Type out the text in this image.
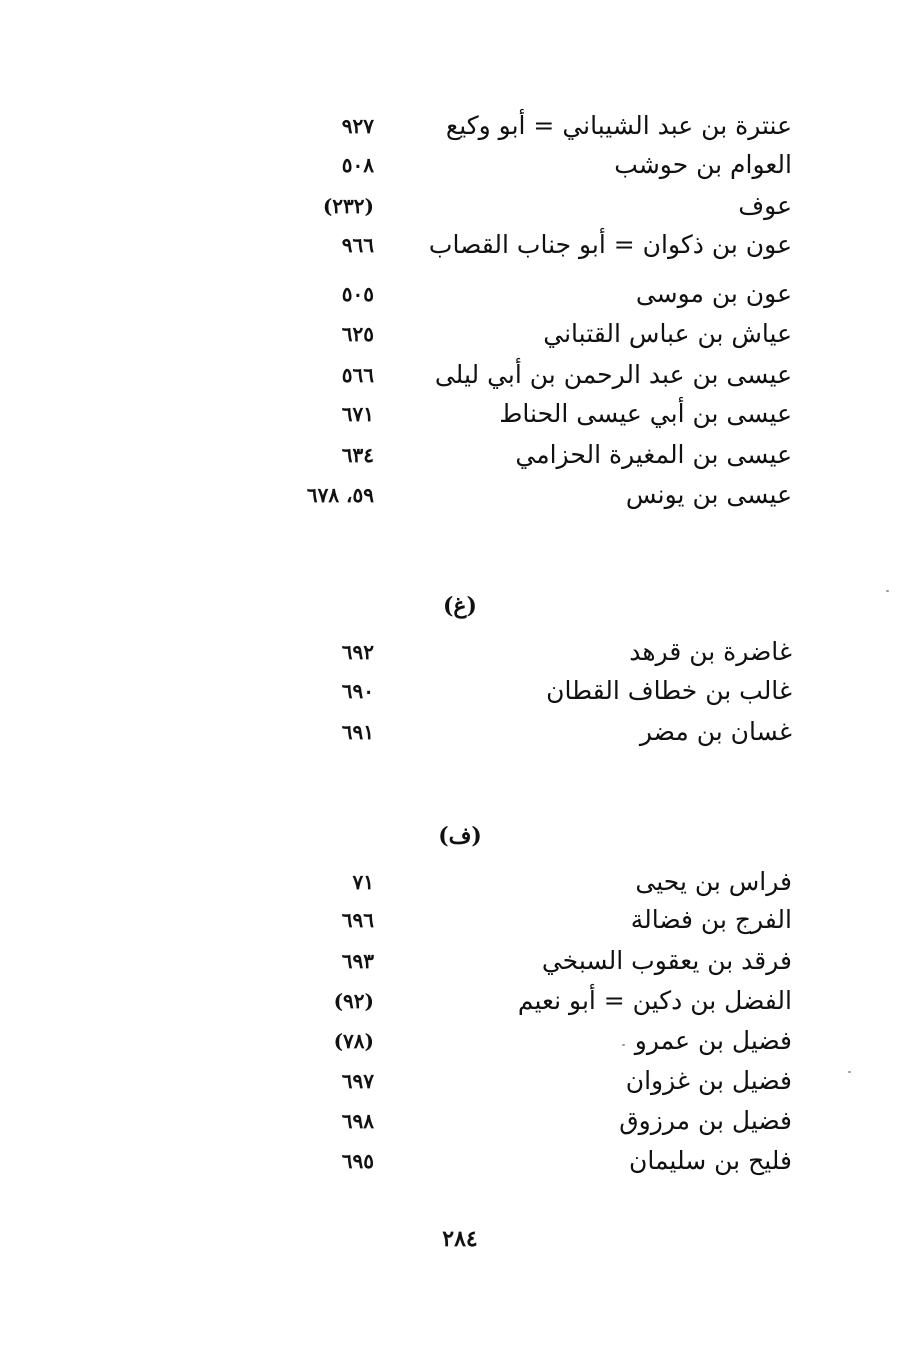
عنترة بن عبد الشيباني = أبو وكيع
٩٢٧
العوام بن حوشب
٥٠٨
عوف
(٢٣٢)
عون بن ذكوان = أبو جناب القصاب
٩٦٦
عون بن موسى
٥٠٥
عياش بن عباس القتباني
٦٢٥
عيسى بن عبد الرحمن بن أبي ليلى
٥٦٦
عيسى بن أبي عيسى الحناط
٦٧١
عيسى بن المغيرة الحزامي
٦٣٤
عيسى بن يونس
٥٩، ٦٧٨
(غ)
غاضرة بن قرهد
٦٩٢
غالب بن خطاف القطان
٦٩٠
غسان بن مضر
٦٩١
(ف)
فراس بن يحيى
٧١
الفرج بن فضالة
٦٩٦
فرقد بن يعقوب السبخي
٦٩٣
الفضل بن دكين = أبو نعيم
(٩٢)
فضيل بن عمرو
(٧٨)
فضيل بن غزوان
٦٩٧
فضيل بن مرزوق
٦٩٨
فليح بن سليمان
٦٩٥
٢٨٤
